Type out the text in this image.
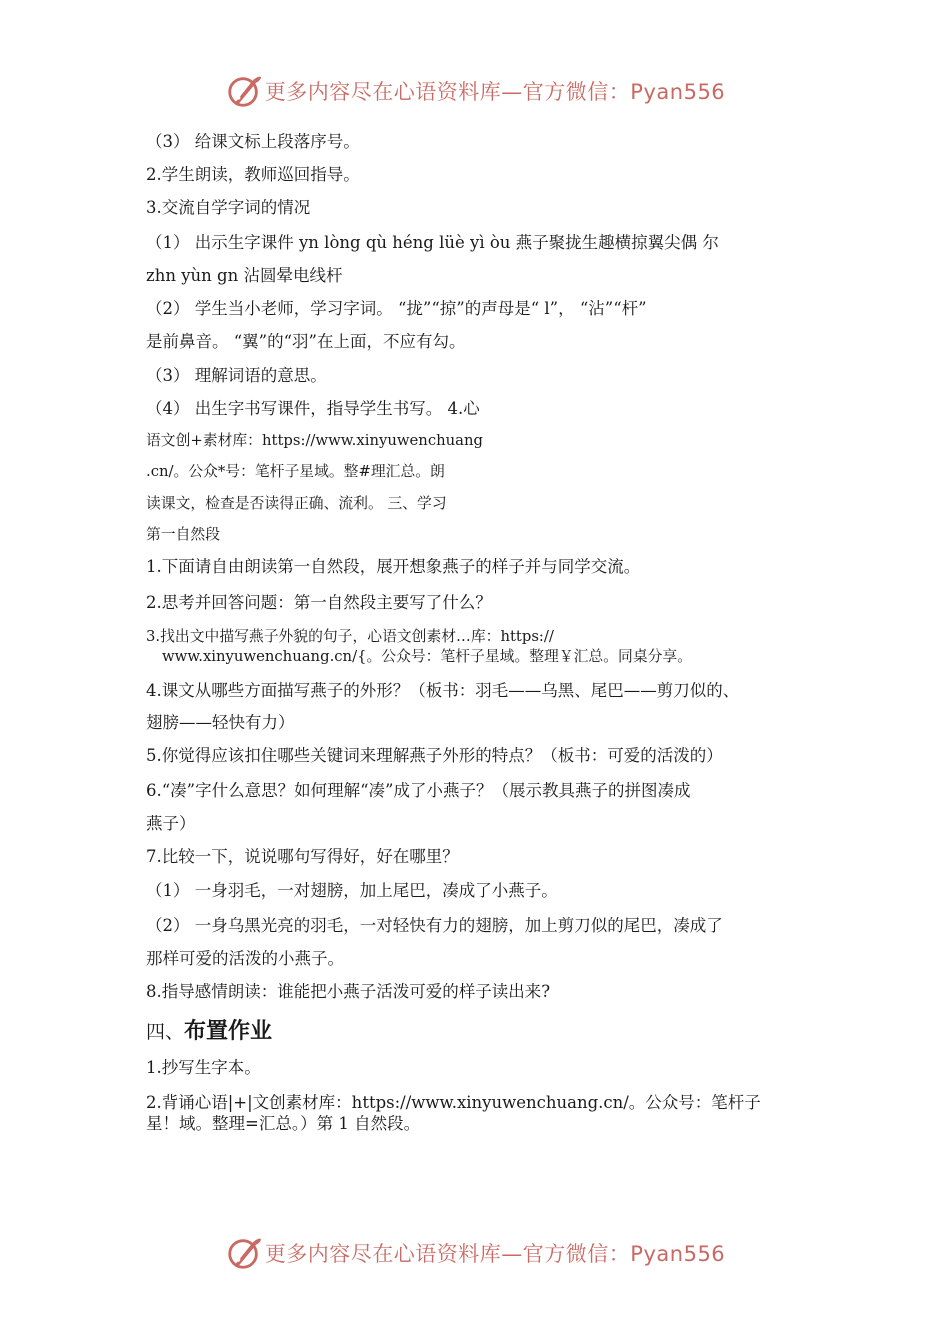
更多内容尽在心语资料库—官方微信：Pyan556
（3） 给课文标上段落序号。
2.学生朗读，教师巡回指导。
3.交流自学字词的情况
（1） 出示生字课件 yn lòng qù héng lüè yì òu 燕子聚拢生趣横掠翼尖偶 尔
zhn yùn gn 沾圆晕电线杆
（2） 学生当小老师，学习字词。 “拢”“掠”的声母是“ l”， “沾”“杆”
是前鼻音。 “翼”的“羽”在上面，不应有勾。
（3） 理解词语的意思。
（4） 出生字书写课件，指导学生书写。 4.心
语文创+素材库：https://www.xinyuwenchuang
.cn/。公众*号：笔杆子星域。整#理汇总。朗
读课文，检查是否读得正确、流利。 三、学习
第一自然段
1.下面请自由朗读第一自然段，展开想象燕子的样子并与同学交流。
2.思考并回答问题：第一自然段主要写了什么？
3.找出文中描写燕子外貌的句子，心语文创素材…库：https://
www.xinyuwenchuang.cn/{。公众号：笔杆子星域。整理￥汇总。同桌分享。
4.课文从哪些方面描写燕子的外形？（板书：羽毛——乌黑、尾巴——剪刀似的、
翅膀——轻快有力）
5.你觉得应该扣住哪些关键词来理解燕子外形的特点？（板书：可爱的活泼的）
6.“凑”字什么意思？如何理解“凑”成了小燕子？（展示教具燕子的拼图凑成
燕子）
7.比较一下，说说哪句写得好，好在哪里？
（1） 一身羽毛，一对翅膀，加上尾巴，凑成了小燕子。
（2） 一身乌黑光亮的羽毛，一对轻快有力的翅膀，加上剪刀似的尾巴，凑成了
那样可爱的活泼的小燕子。
8.指导感情朗读：谁能把小燕子活泼可爱的样子读出来?
四、布置作业
1.抄写生字本。
2.背诵心语|+|文创素材库：https://www.xinyuwenchuang.cn/。公众号：笔杆子
星！域。整理=汇总。）第 1 自然段。
更多内容尽在心语资料库—官方微信：Pyan556
